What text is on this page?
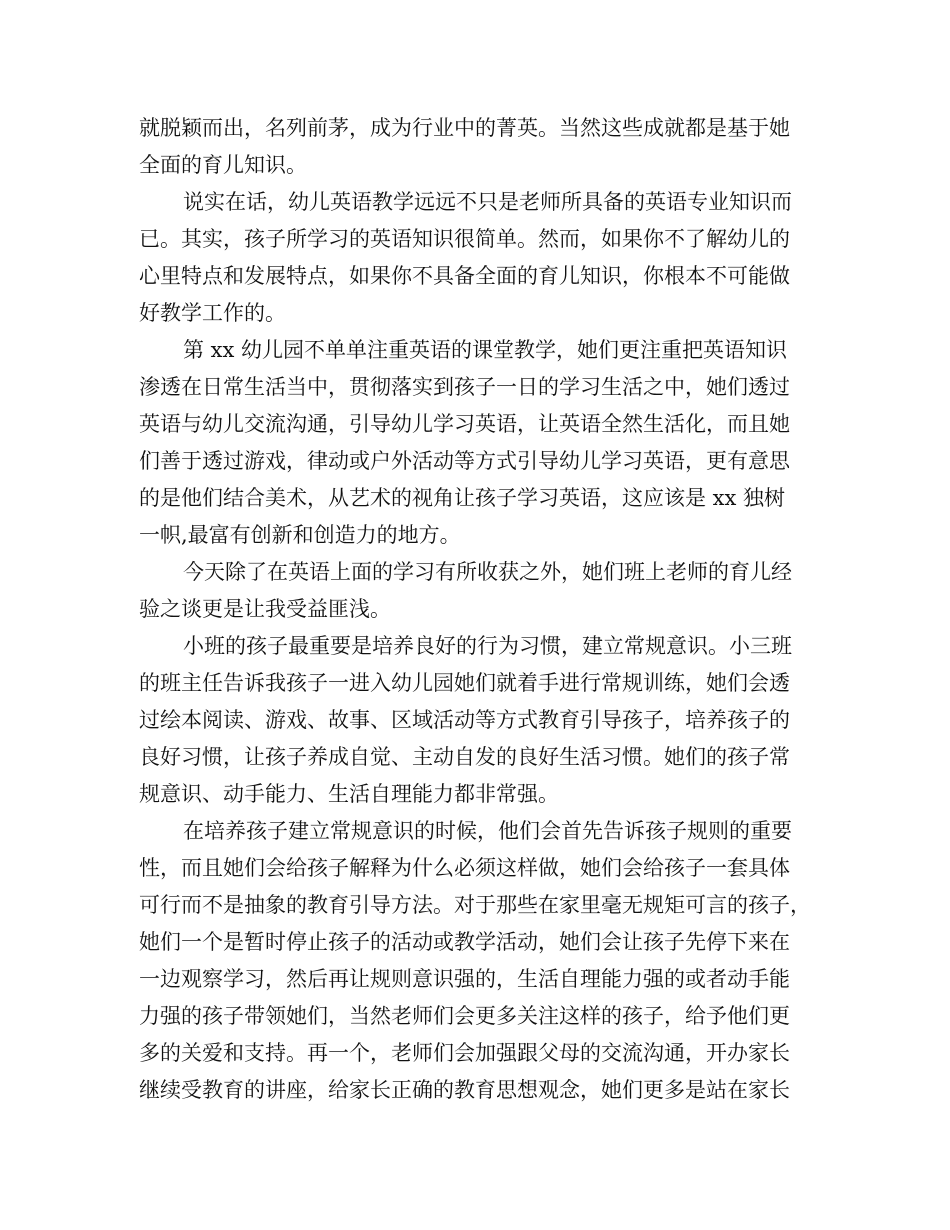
就脱颖而出，名列前茅，成为行业中的菁英。当然这些成就都是基于她
全面的育儿知识。
说实在话，幼儿英语教学远远不只是老师所具备的英语专业知识而
已。其实，孩子所学习的英语知识很简单。然而，如果你不了解幼儿的
心里特点和发展特点，如果你不具备全面的育儿知识，你根本不可能做
好教学工作的。
第 xx 幼儿园不单单注重英语的课堂教学，她们更注重把英语知识
渗透在日常生活当中，贯彻落实到孩子一日的学习生活之中，她们透过
英语与幼儿交流沟通，引导幼儿学习英语，让英语全然生活化，而且她
们善于透过游戏，律动或户外活动等方式引导幼儿学习英语，更有意思
的是他们结合美术，从艺术的视角让孩子学习英语，这应该是 xx 独树
一帜,最富有创新和创造力的地方。
今天除了在英语上面的学习有所收获之外，她们班上老师的育儿经
验之谈更是让我受益匪浅。
小班的孩子最重要是培养良好的行为习惯，建立常规意识。小三班
的班主任告诉我孩子一进入幼儿园她们就着手进行常规训练，她们会透
过绘本阅读、游戏、故事、区域活动等方式教育引导孩子，培养孩子的
良好习惯，让孩子养成自觉、主动自发的良好生活习惯。她们的孩子常
规意识、动手能力、生活自理能力都非常强。
在培养孩子建立常规意识的时候，他们会首先告诉孩子规则的重要
性，而且她们会给孩子解释为什么必须这样做，她们会给孩子一套具体
可行而不是抽象的教育引导方法。对于那些在家里毫无规矩可言的孩子，
她们一个是暂时停止孩子的活动或教学活动，她们会让孩子先停下来在
一边观察学习，然后再让规则意识强的，生活自理能力强的或者动手能
力强的孩子带领她们，当然老师们会更多关注这样的孩子，给予他们更
多的关爱和支持。再一个，老师们会加强跟父母的交流沟通，开办家长
继续受教育的讲座，给家长正确的教育思想观念，她们更多是站在家长
